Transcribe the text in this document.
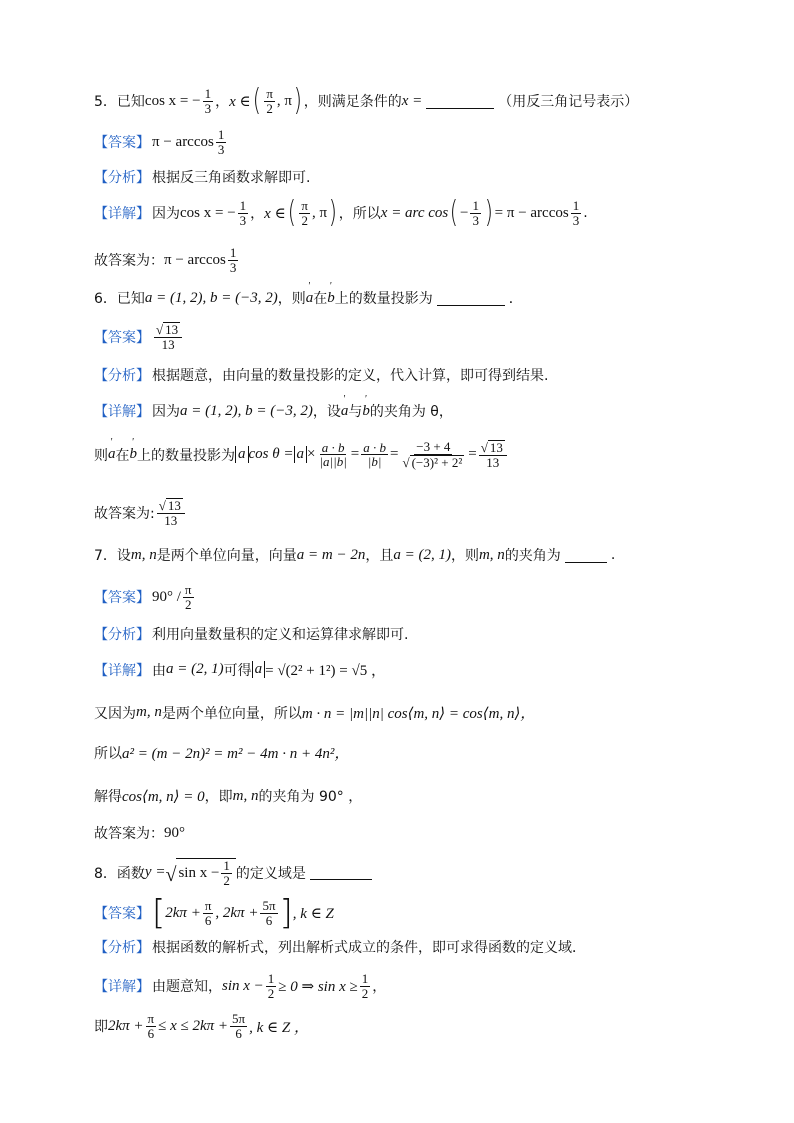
5． 已知 cos x = − $\frac{1}{3}$ ， x ∈ ( $\frac{\pi}{2}$ , π ) ，则满足条件的 x =	（用反三角记号表示）
【答案】 $\pi - \arccos \frac{1}{3}$
【分析】 根据反三角函数求解即可.
【详解】 因为 cos x = − $\frac{1}{3}$ ， x ∈ ( $\frac{\pi}{2}$ , π ) ，所以 x = arc cos ( − $\frac{1}{3}$ ) = $\pi - \arccos \frac{1}{3}$ .
故答案为： $\pi - \arccos \frac{1}{3}$
6． 已知 a = (1, 2), b = (−3, 2) ，则 ' a 在 ' b 上的数量投影为	．
【答案】 $\frac{√ 13}{13}$
【分析】 根据题意，由向量的数量投影的定义，代入计算，即可得到结果.
【详解】 因为 a = (1, 2), b = (−3, 2) ，设 ' a 与 ' b 的夹角为 θ，
则 ' a 在 ' b 上的数量投影为 a $\cos \theta = a \times \frac{a \cdot b}{|a||b|} = \frac{a \cdot b}{|b|} = \frac{-3 + 4}{\text{√ (−3)² + 2²}} = \frac{√ 13}{13}$
故答案为: $\frac{√ 13}{13}$
7． 设 m, n 是两个单位向量，向量 a = m − 2n ，且 a = (2, 1) ，则 m, n 的夹角为	.
【答案】 $90^\circ / \frac{\pi}{2}$
【分析】 利用向量数量积的定义和运算律求解即可.
【详解】 由 a = (2, 1) 可得 a = √(2² + 1²) = √5 ，
又因为 m, n 是两个单位向量，所以 m · n = |m||n| cos⟨m, n⟩ = cos⟨m, n⟩，
所以 a² = (m − 2n)² = m² − 4m · n + 4n²，
解得 cos⟨m, n⟩ = 0 ，即 m, n 的夹角为 90° ，
故答案为： 90°
8． 函数 y = √ $\sin x - \frac{1}{2}$ 的定义域是
【答案】 [ $2k\pi + \frac{\pi}{6}$ , $2k\pi + \frac{5\pi}{6}$ ] , k ∈ Z
【分析】 根据函数的解析式，列出解析式成立的条件，即可求得函数的定义域．
【详解】 由题意知， $\sin x - \frac{1}{2} \ge 0$ ⇒ $\sin x \ge \frac{1}{2}$ ，
即 $2k\pi + \frac{\pi}{6} \le x \le 2k\pi + \frac{5\pi}{6}$ , k ∈ Z ，
